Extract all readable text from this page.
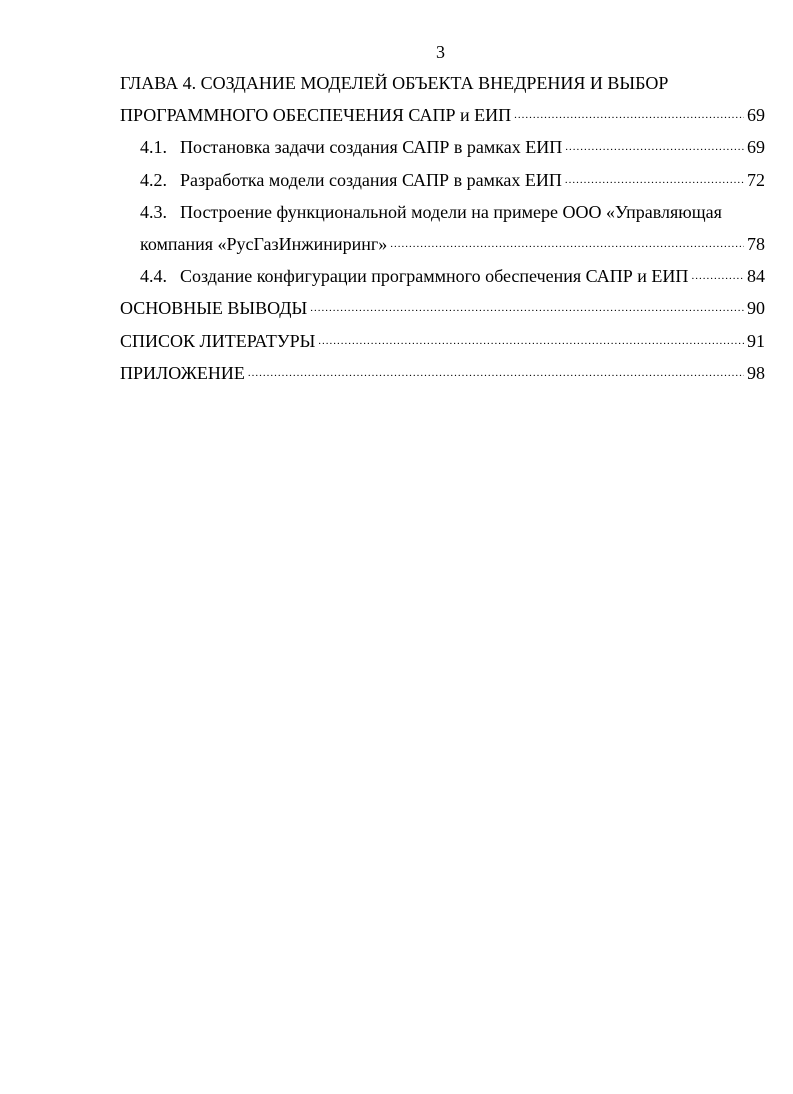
3
ГЛАВА 4. СОЗДАНИЕ МОДЕЛЕЙ ОБЪЕКТА ВНЕДРЕНИЯ И ВЫБОР
ПРОГРАММНОГО ОБЕСПЕЧЕНИЯ САПР и ЕИП .....	69
4.1. Постановка задачи создания САПР в рамках ЕИП .....	69
4.2. Разработка модели создания САПР в рамках ЕИП .....	72
4.3. Построение функциональной модели на примере ООО «Управляющая
компания «РусГазИнжиниринг» .....	78
4.4. Создание конфигурации программного обеспечения САПР и ЕИП .....	84
ОСНОВНЫЕ ВЫВОДЫ .....	90
СПИСОК ЛИТЕРАТУРЫ .....	91
ПРИЛОЖЕНИЕ .....	98
